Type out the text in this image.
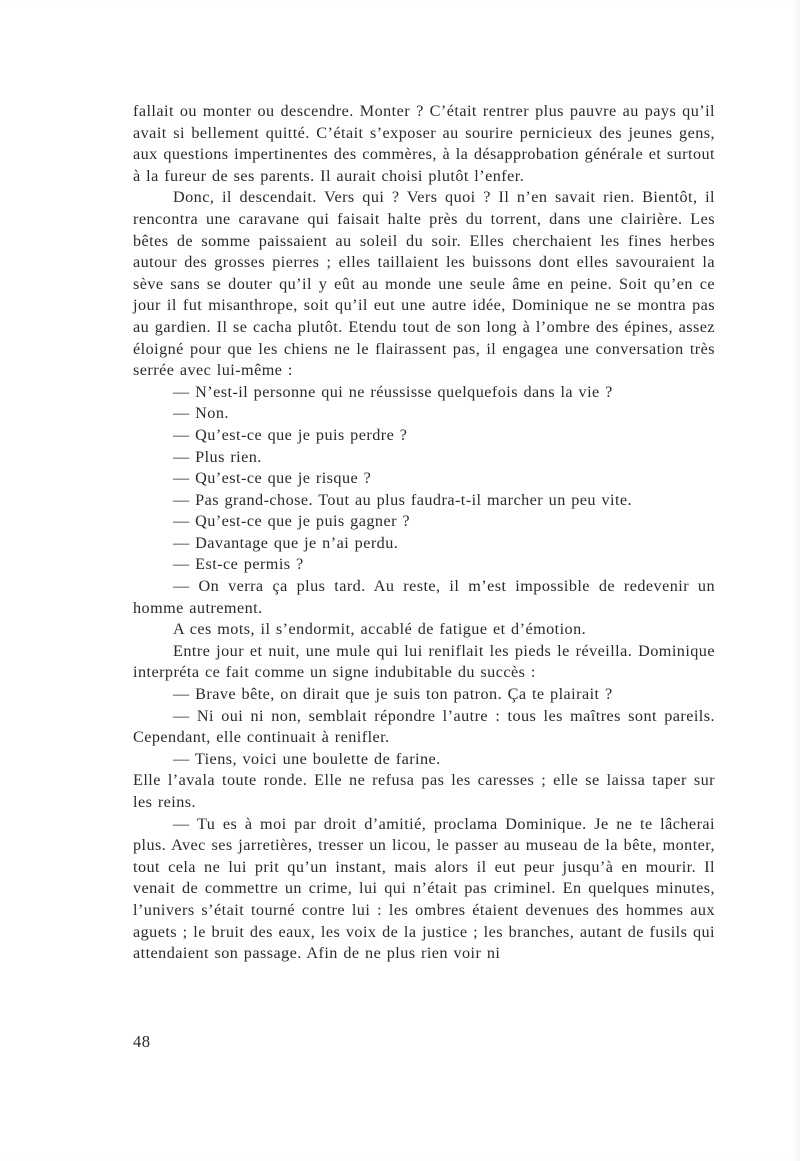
fallait ou monter ou descendre. Monter ? C’était rentrer plus pauvre au pays qu’il avait si bellement quitté. C’était s’exposer au sourire pernicieux des jeunes gens, aux questions impertinentes des commères, à la désapprobation générale et surtout à la fureur de ses parents. Il aurait choisi plutôt l’enfer.

Donc, il descendait. Vers qui ? Vers quoi ? Il n’en savait rien. Bientôt, il rencontra une caravane qui faisait halte près du torrent, dans une clairière. Les bêtes de somme paissaient au soleil du soir. Elles cherchaient les fines herbes autour des grosses pierres ; elles taillaient les buissons dont elles savouraient la sève sans se douter qu’il y eût au monde une seule âme en peine. Soit qu’en ce jour il fut misanthrope, soit qu’il eut une autre idée, Dominique ne se montra pas au gardien. Il se cacha plutôt. Etendu tout de son long à l’ombre des épines, assez éloigné pour que les chiens ne le flairassent pas, il engagea une conversation très serrée avec lui-même :

— N’est-il personne qui ne réussisse quelquefois dans la vie ?

— Non.

— Qu’est-ce que je puis perdre ?

— Plus rien.

— Qu’est-ce que je risque ?

— Pas grand-chose. Tout au plus faudra-t-il marcher un peu vite.

— Qu’est-ce que je puis gagner ?

— Davantage que je n’ai perdu.

— Est-ce permis ?

— On verra ça plus tard. Au reste, il m’est impossible de redevenir un homme autrement.

A ces mots, il s’endormit, accablé de fatigue et d’émotion.

Entre jour et nuit, une mule qui lui reniflait les pieds le réveilla. Dominique interpréta ce fait comme un signe indubitable du succès :

— Brave bête, on dirait que je suis ton patron. Ça te plairait ?

— Ni oui ni non, semblait répondre l’autre : tous les maîtres sont pareils. Cependant, elle continuait à renifler.

— Tiens, voici une boulette de farine.

Elle l’avala toute ronde. Elle ne refusa pas les caresses ; elle se laissa taper sur les reins.

— Tu es à moi par droit d’amitié, proclama Dominique. Je ne te lâcherai plus. Avec ses jarretières, tresser un licou, le passer au museau de la bête, monter, tout cela ne lui prit qu’un instant, mais alors il eut peur jusqu’à en mourir. Il venait de commettre un crime, lui qui n’était pas criminel. En quelques minutes, l’univers s’était tourné contre lui : les ombres étaient devenues des hommes aux aguets ; le bruit des eaux, les voix de la justice ; les branches, autant de fusils qui attendaient son passage. Afin de ne plus rien voir ni

48
